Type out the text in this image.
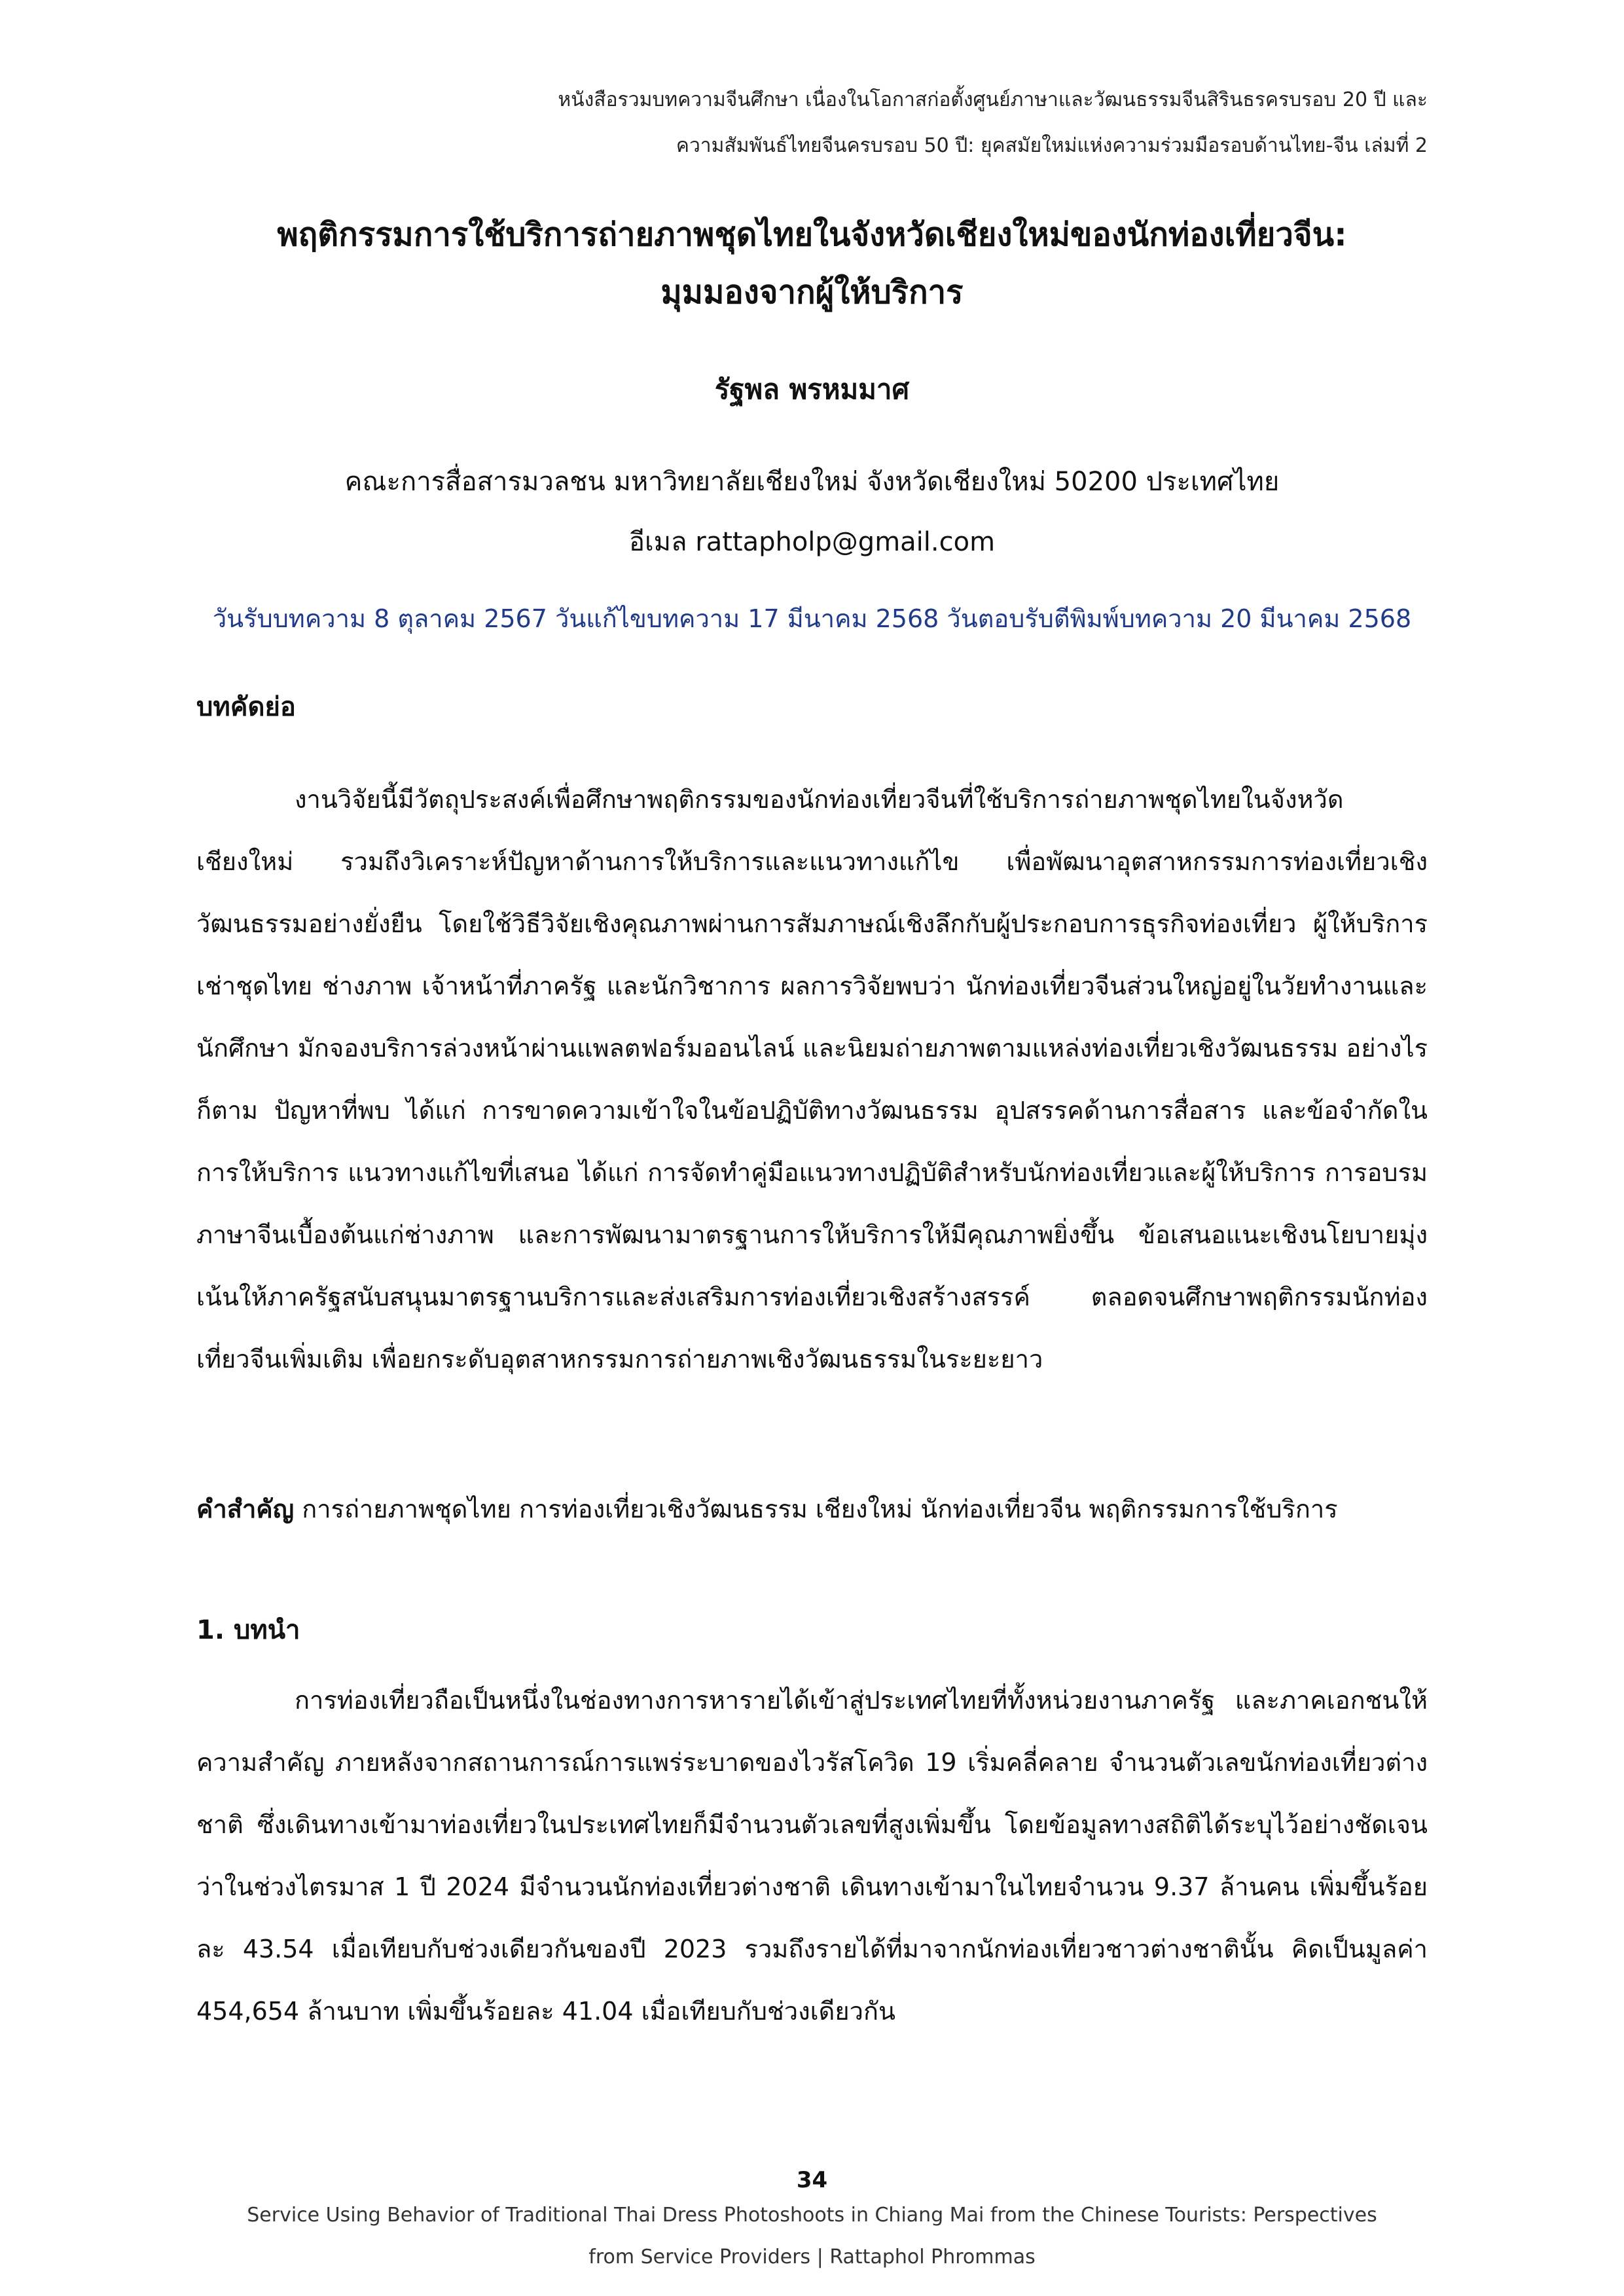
หนังสือรวมบทความจีนศึกษา เนื่องในโอกาสก่อตั้งศูนย์ภาษาและวัฒนธรรมจีนสิรินธรครบรอบ 20 ปี และ
ความสัมพันธ์ไทยจีนครบรอบ 50 ปี: ยุคสมัยใหม่แห่งความร่วมมือรอบด้านไทย-จีน เล่มที่ 2
พฤติกรรมการใช้บริการถ่ายภาพชุดไทยในจังหวัดเชียงใหม่ของนักท่องเที่ยวจีน:
มุมมองจากผู้ให้บริการ
รัฐพล พรหมมาศ
คณะการสื่อสารมวลชน มหาวิทยาลัยเชียงใหม่ จังหวัดเชียงใหม่ 50200 ประเทศไทย
อีเมล rattapholp@gmail.com
วันรับบทความ 8 ตุลาคม 2567 วันแก้ไขบทความ 17 มีนาคม 2568 วันตอบรับตีพิมพ์บทความ 20 มีนาคม 2568
บทคัดย่อ
งานวิจัยนี้มีวัตถุประสงค์เพื่อศึกษาพฤติกรรมของนักท่องเที่ยวจีนที่ใช้บริการถ่ายภาพชุดไทยในจังหวัดเชียงใหม่ รวมถึงวิเคราะห์ปัญหาด้านการให้บริการและแนวทางแก้ไข เพื่อพัฒนาอุตสาหกรรมการท่องเที่ยวเชิงวัฒนธรรมอย่างยั่งยืน โดยใช้วิธีวิจัยเชิงคุณภาพผ่านการสัมภาษณ์เชิงลึกกับผู้ประกอบการธุรกิจท่องเที่ยว ผู้ให้บริการเช่าชุดไทย ช่างภาพ เจ้าหน้าที่ภาครัฐ และนักวิชาการ ผลการวิจัยพบว่า นักท่องเที่ยวจีนส่วนใหญ่อยู่ในวัยทำงานและนักศึกษา มักจองบริการล่วงหน้าผ่านแพลตฟอร์มออนไลน์ และนิยมถ่ายภาพตามแหล่งท่องเที่ยวเชิงวัฒนธรรม อย่างไรก็ตาม ปัญหาที่พบ ได้แก่ การขาดความเข้าใจในข้อปฏิบัติทางวัฒนธรรม อุปสรรคด้านการสื่อสาร และข้อจำกัดในการให้บริการ แนวทางแก้ไขที่เสนอ ได้แก่ การจัดทำคู่มือแนวทางปฏิบัติสำหรับนักท่องเที่ยวและผู้ให้บริการ การอบรมภาษาจีนเบื้องต้นแก่ช่างภาพ และการพัฒนามาตรฐานการให้บริการให้มีคุณภาพยิ่งขึ้น ข้อเสนอแนะเชิงนโยบายมุ่งเน้นให้ภาครัฐสนับสนุนมาตรฐานบริการและส่งเสริมการท่องเที่ยวเชิงสร้างสรรค์ ตลอดจนศึกษาพฤติกรรมนักท่องเที่ยวจีนเพิ่มเติม เพื่อยกระดับอุตสาหกรรมการถ่ายภาพเชิงวัฒนธรรมในระยะยาว
คำสำคัญ การถ่ายภาพชุดไทย การท่องเที่ยวเชิงวัฒนธรรม เชียงใหม่ นักท่องเที่ยวจีน พฤติกรรมการใช้บริการ
1. บทนำ
การท่องเที่ยวถือเป็นหนึ่งในช่องทางการหารายได้เข้าสู่ประเทศไทยที่ทั้งหน่วยงานภาครัฐ และภาคเอกชนให้ความสำคัญ ภายหลังจากสถานการณ์การแพร่ระบาดของไวรัสโควิด 19 เริ่มคลี่คลาย จำนวนตัวเลขนักท่องเที่ยวต่างชาติ ซึ่งเดินทางเข้ามาท่องเที่ยวในประเทศไทยก็มีจำนวนตัวเลขที่สูงเพิ่มขึ้น โดยข้อมูลทางสถิติได้ระบุไว้อย่างชัดเจนว่าในช่วงไตรมาส 1 ปี 2024 มีจำนวนนักท่องเที่ยวต่างชาติ เดินทางเข้ามาในไทยจำนวน 9.37 ล้านคน เพิ่มขึ้นร้อยละ 43.54 เมื่อเทียบกับช่วงเดียวกันของปี 2023 รวมถึงรายได้ที่มาจากนักท่องเที่ยวชาวต่างชาตินั้น คิดเป็นมูลค่า 454,654 ล้านบาท เพิ่มขึ้นร้อยละ 41.04 เมื่อเทียบกับช่วงเดียวกัน
34
Service Using Behavior of Traditional Thai Dress Photoshoots in Chiang Mai from the Chinese Tourists: Perspectives
from Service Providers | Rattaphol Phrommas
